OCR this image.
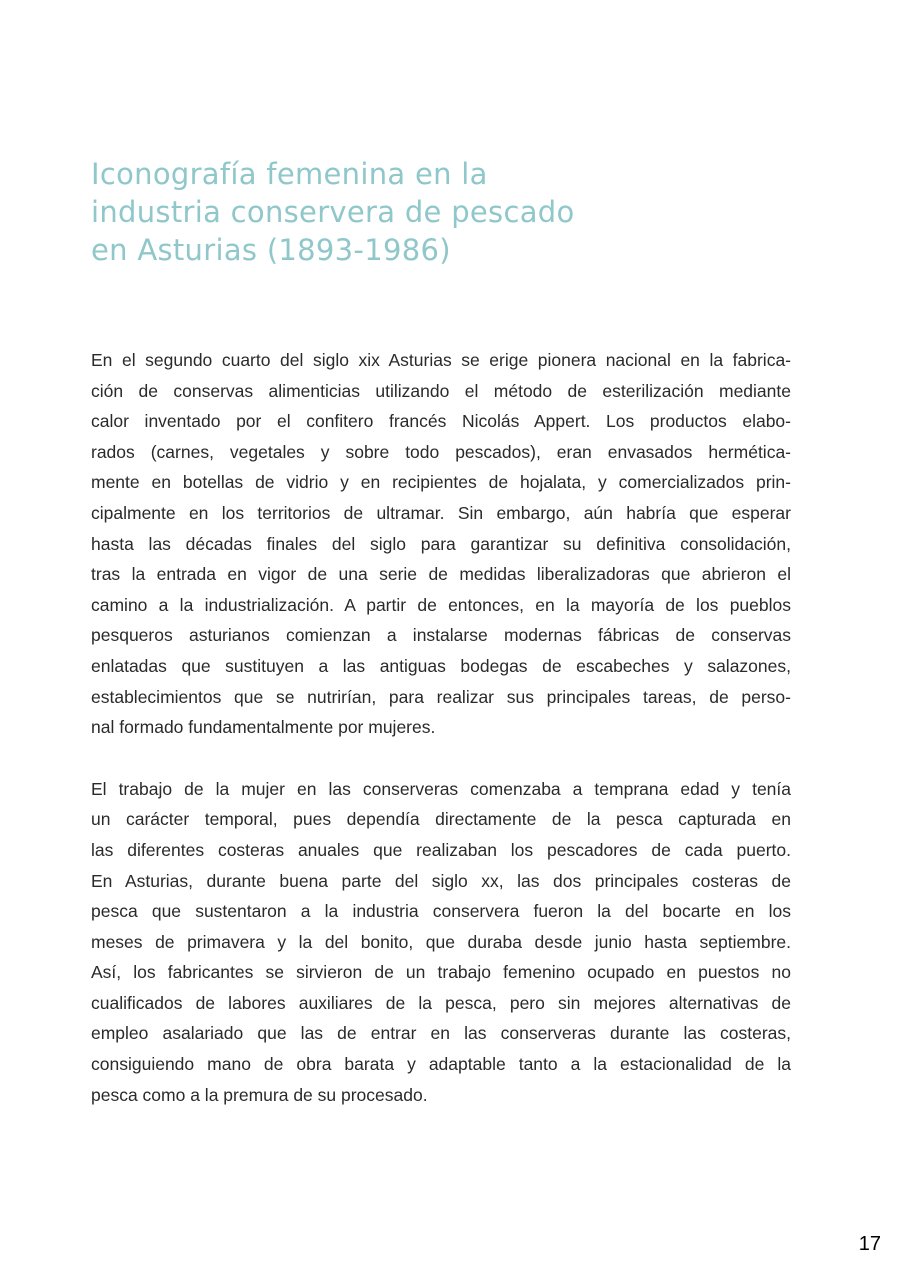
Iconografía femenina en la
industria conservera de pescado
en Asturias (1893-1986)

En el segundo cuarto del siglo xix Asturias se erige pionera nacional en la fabrica-
ción de conservas alimenticias utilizando el método de esterilización mediante
calor inventado por el confitero francés Nicolás Appert. Los productos elabo-
rados (carnes, vegetales y sobre todo pescados), eran envasados herméticа-
mente en botellas de vidrio y en recipientes de hojalata, y comercializados prin-
cipalmente en los territorios de ultramar. Sin embargo, aún habría que esperar
hasta las décadas finales del siglo para garantizar su definitiva consolidación,
tras la entrada en vigor de una serie de medidas liberalizadoras que abrieron el
camino a la industrialización. A partir de entonces, en la mayoría de los pueblos
pesqueros asturianos comienzan a instalarse modernas fábricas de conservas
enlatadas que sustituyen a las antiguas bodegas de escabeches y salazones,
establecimientos que se nutrirían, para realizar sus principales tareas, de perso-
nal formado fundamentalmente por mujeres.

El trabajo de la mujer en las conserveras comenzaba a temprana edad y tenía
un carácter temporal, pues dependía directamente de la pesca capturada en
las diferentes costeras anuales que realizaban los pescadores de cada puerto.
En Asturias, durante buena parte del siglo xx, las dos principales costeras de
pesca que sustentaron a la industria conservera fueron la del bocarte en los
meses de primavera y la del bonito, que duraba desde junio hasta septiembre.
Así, los fabricantes se sirvieron de un trabajo femenino ocupado en puestos no
cualificados de labores auxiliares de la pesca, pero sin mejores alternativas de
empleo asalariado que las de entrar en las conserveras durante las costeras,
consiguiendo mano de obra barata y adaptable tanto a la estacionalidad de la
pesca como a la premura de su procesado.

17
